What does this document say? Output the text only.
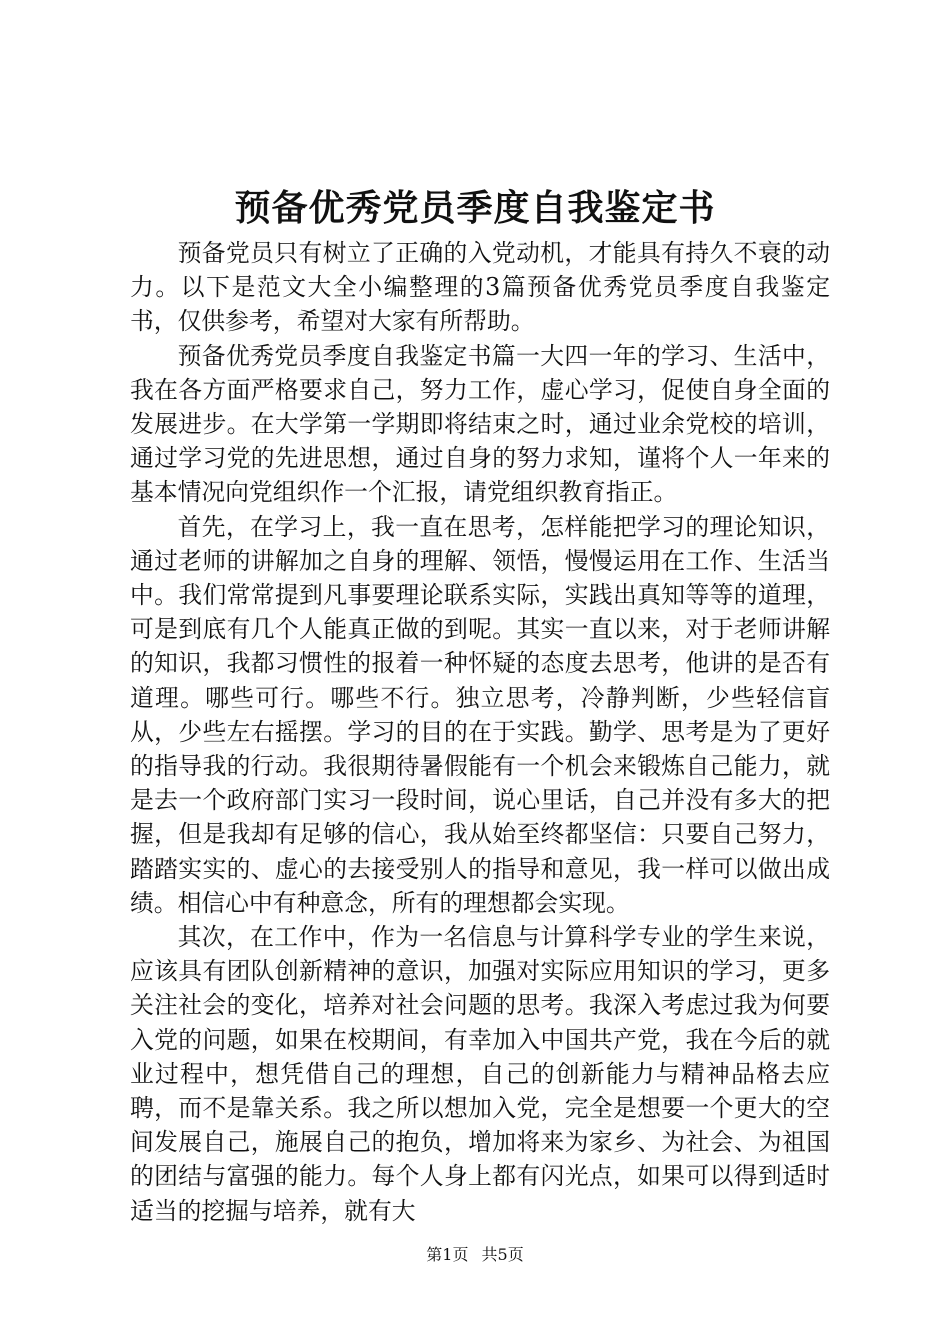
预备优秀党员季度自我鉴定书

预备党员只有树立了正确的入党动机，才能具有持久不衰的动力。以下是范文大全小编整理的3篇预备优秀党员季度自我鉴定书，仅供参考，希望对大家有所帮助。

预备优秀党员季度自我鉴定书篇一大四一年的学习、生活中，我在各方面严格要求自己，努力工作，虚心学习，促使自身全面的发展进步。在大学第一学期即将结束之时，通过业余党校的培训，通过学习党的先进思想，通过自身的努力求知，谨将个人一年来的基本情况向党组织作一个汇报，请党组织教育指正。

首先，在学习上，我一直在思考，怎样能把学习的理论知识，通过老师的讲解加之自身的理解、领悟，慢慢运用在工作、生活当中。我们常常提到凡事要理论联系实际，实践出真知等等的道理，可是到底有几个人能真正做的到呢。其实一直以来，对于老师讲解的知识，我都习惯性的报着一种怀疑的态度去思考，他讲的是否有道理。哪些可行。哪些不行。独立思考，冷静判断，少些轻信盲从，少些左右摇摆。学习的目的在于实践。勤学、思考是为了更好的指导我的行动。我很期待暑假能有一个机会来锻炼自己能力，就是去一个政府部门实习一段时间，说心里话，自己并没有多大的把握，但是我却有足够的信心，我从始至终都坚信：只要自己努力，踏踏实实的、虚心的去接受别人的指导和意见，我一样可以做出成绩。相信心中有种意念，所有的理想都会实现。

其次，在工作中，作为一名信息与计算科学专业的学生来说，应该具有团队创新精神的意识，加强对实际应用知识的学习，更多关注社会的变化，培养对社会问题的思考。我深入考虑过我为何要入党的问题，如果在校期间，有幸加入中国共产党，我在今后的就业过程中，想凭借自己的理想，自己的创新能力与精神品格去应聘，而不是靠关系。我之所以想加入党，完全是想要一个更大的空间发展自己，施展自己的抱负，增加将来为家乡、为社会、为祖国的团结与富强的能力。每个人身上都有闪光点，如果可以得到适时适当的挖掘与培养，就有大

第1页 共5页
